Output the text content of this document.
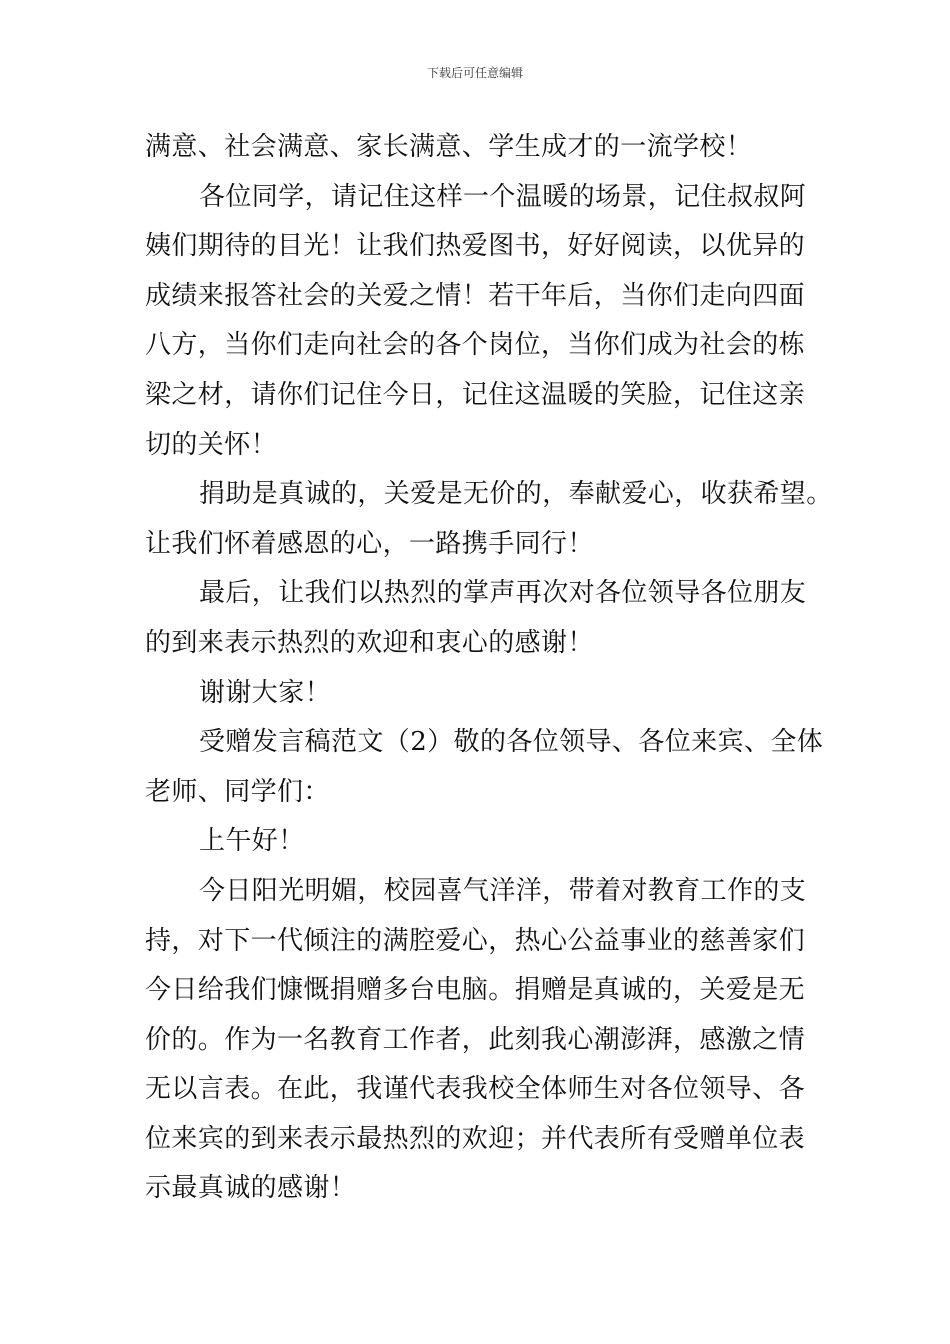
下载后可任意编辑
满意、社会满意、家长满意、学生成才的一流学校！
各位同学，请记住这样一个温暖的场景，记住叔叔阿
姨们期待的目光！让我们热爱图书，好好阅读，以优异的
成绩来报答社会的关爱之情！若干年后，当你们走向四面
八方，当你们走向社会的各个岗位，当你们成为社会的栋
梁之材，请你们记住今日，记住这温暖的笑脸，记住这亲
切的关怀！
捐助是真诚的，关爱是无价的，奉献爱心，收获希望。
让我们怀着感恩的心，一路携手同行！
最后，让我们以热烈的掌声再次对各位领导各位朋友
的到来表示热烈的欢迎和衷心的感谢！
谢谢大家！
受赠发言稿范文（2）敬的各位领导、各位来宾、全体
老师、同学们：
上午好！
今日阳光明媚，校园喜气洋洋，带着对教育工作的支
持，对下一代倾注的满腔爱心，热心公益事业的慈善家们
今日给我们慷慨捐赠多台电脑。捐赠是真诚的，关爱是无
价的。作为一名教育工作者，此刻我心潮澎湃，感激之情
无以言表。在此，我谨代表我校全体师生对各位领导、各
位来宾的到来表示最热烈的欢迎；并代表所有受赠单位表
示最真诚的感谢！
